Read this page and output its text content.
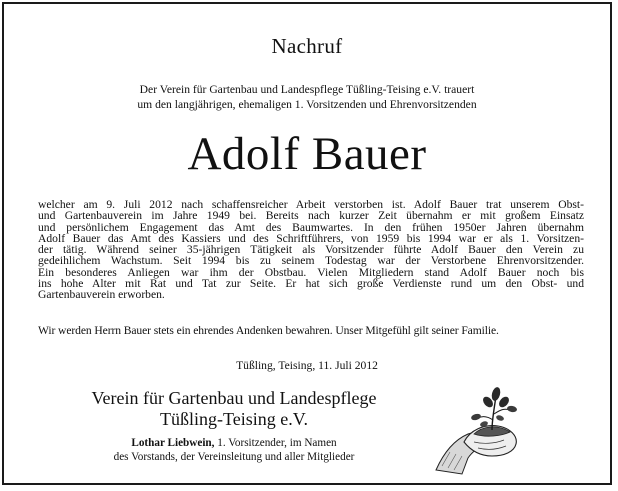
Nachruf
Der Verein für Gartenbau und Landespflege Tüßling-Teising e.V. trauert
um den langjährigen, ehemaligen 1. Vorsitzenden und Ehrenvorsitzenden
Adolf Bauer

welcher am 9. Juli 2012 nach schaffensreicher Arbeit verstorben ist. Adolf Bauer trat unserem Obst-

und Gartenbauverein im Jahre 1949 bei. Bereits nach kurzer Zeit übernahm er mit großem Einsatz

und persönlichem Engagement das Amt des Baumwartes. In den frühen 1950er Jahren übernahm

Adolf Bauer das Amt des Kassiers und des Schriftführers, von 1959 bis 1994 war er als 1. Vorsitzen-

der tätig. Während seiner 35-jährigen Tätigkeit als Vorsitzender führte Adolf Bauer den Verein zu

gedeihlichem Wachstum. Seit 1994 bis zu seinem Todestag war der Verstorbene Ehrenvorsitzender.

Ein besonderes Anliegen war ihm der Obstbau. Vielen Mitgliedern stand Adolf Bauer noch bis

ins hohe Alter mit Rat und Tat zur Seite. Er hat sich große Verdienste rund um den Obst- und

Gartenbauverein erworben.

Wir werden Herrn Bauer stets ein ehrendes Andenken bewahren. Unser Mitgefühl gilt seiner Familie.
Tüßling, Teising, 11. Juli 2012
Verein für Gartenbau und Landespflege
Tüßling-Teising e.V.
Lothar Liebwein, 1. Vorsitzender, im Namen
des Vorstands, der Vereinsleitung und aller Mitglieder
